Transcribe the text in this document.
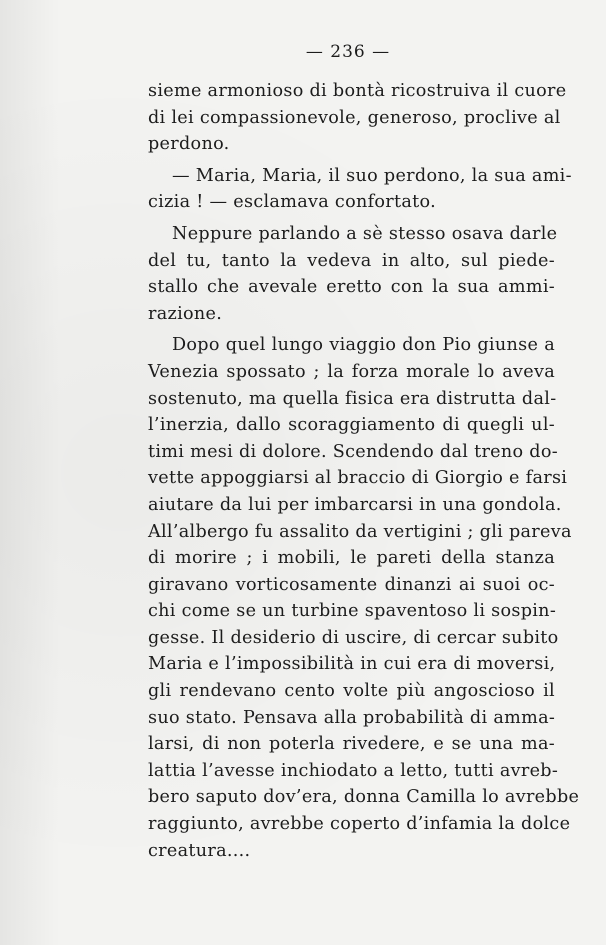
— 236 —

sieme armonioso di bontà ricostruiva il cuore
di lei compassionevole, generoso, proclive al
perdono.

— Maria, Maria, il suo perdono, la sua ami-
cizia ! — esclamava confortato.

Neppure parlando a sè stesso osava darle
del tu, tanto la vedeva in alto, sul piede-
stallo che avevale eretto con la sua ammi-
razione.

Dopo quel lungo viaggio don Pio giunse a
Venezia spossato ; la forza morale lo aveva
sostenuto, ma quella fisica era distrutta dal-
l’inerzia, dallo scoraggiamento di quegli ul-
timi mesi di dolore. Scendendo dal treno do-
vette appoggiarsi al braccio di Giorgio e farsi
aiutare da lui per imbarcarsi in una gondola.
All’albergo fu assalito da vertigini ; gli pareva
di morire ; i mobili, le pareti della stanza
giravano vorticosamente dinanzi ai suoi oc-
chi come se un turbine spaventoso li sospin-
gesse. Il desiderio di uscire, di cercar subito
Maria e l’impossibilità in cui era di moversi,
gli rendevano cento volte più angoscioso il
suo stato. Pensava alla probabilità di amma-
larsi, di non poterla rivedere, e se una ma-
lattia l’avesse inchiodato a letto, tutti avreb-
bero saputo dov’era, donna Camilla lo avrebbe
raggiunto, avrebbe coperto d’infamia la dolce
creatura....
